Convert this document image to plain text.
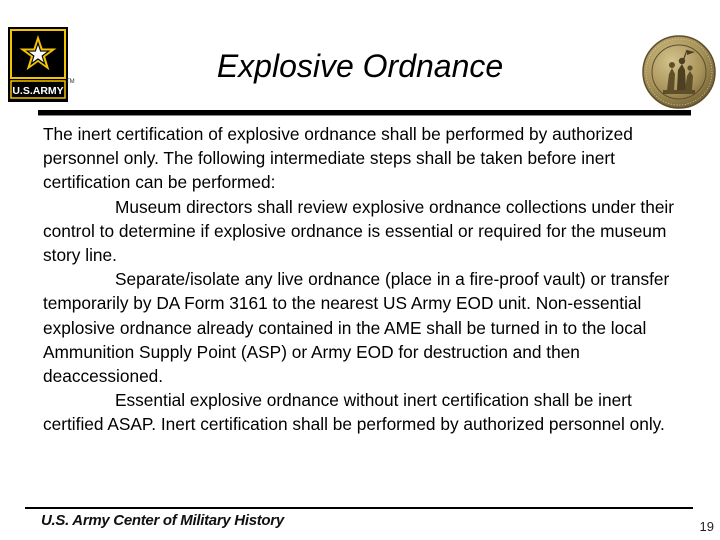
U.S.ARMY
TM	Explosive Ordnance

The inert certification of explosive ordnance shall be performed by authorized personnel only. The following intermediate steps shall be taken before inert certification can be performed:

Museum directors shall review explosive ordnance collections under their control to determine if explosive ordnance is essential or required for the museum story line.

Separate/isolate any live ordnance (place in a fire-proof vault) or transfer temporarily by DA Form 3161 to the nearest US Army EOD unit. Non-essential explosive ordnance already contained in the AME shall be turned in to the local Ammunition Supply Point (ASP) or Army EOD for destruction and then deaccessioned.

Essential explosive ordnance without inert certification shall be inert certified ASAP. Inert certification shall be performed by authorized personnel only.

U.S. Army Center of Military History	19
